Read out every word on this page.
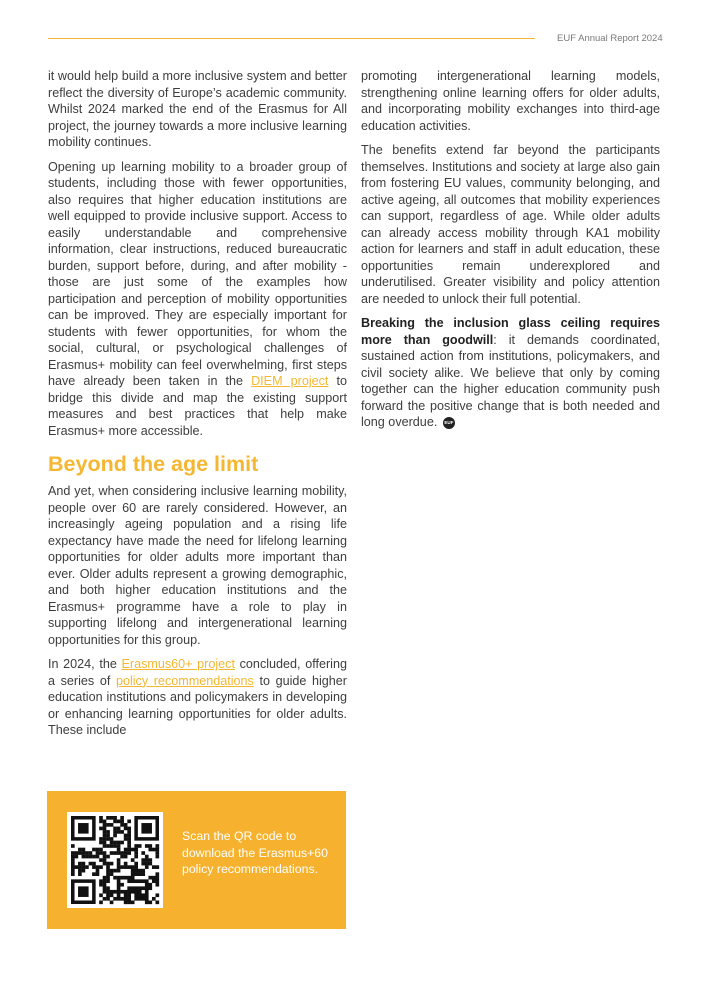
EUF Annual Report 2024

it would help build a more inclusive system and better reflect the diversity of Europe’s academic community. Whilst 2024 marked the end of the Erasmus for All project, the journey towards a more inclusive learning mobility continues.

Opening up learning mobility to a broader group of students, including those with fewer opportunities, also requires that higher education institutions are well equipped to provide inclusive support. Access to easily understandable and comprehensive information, clear instructions, reduced bureaucratic burden, support before, during, and after mobility - those are just some of the examples how participation and perception of mobility opportunities can be improved. They are especially important for students with fewer opportunities, for whom the social, cultural, or psychological challenges of Erasmus+ mobility can feel overwhelming, first steps have already been taken in the DIEM project to bridge this divide and map the existing support measures and best practices that help make Erasmus+ more accessible.

Beyond the age limit

And yet, when considering inclusive learning mobility, people over 60 are rarely considered. However, an increasingly ageing population and a rising life expectancy have made the need for lifelong learning opportunities for older adults more important than ever. Older adults represent a growing demographic, and both higher education institutions and the Erasmus+ programme have a role to play in supporting lifelong and intergenerational learning opportunities for this group.

In 2024, the Erasmus60+ project concluded, offering a series of policy recommendations to guide higher education institutions and policymakers in developing or enhancing learning opportunities for older adults. These include

promoting intergenerational learning models, strengthening online learning offers for older adults, and incorporating mobility exchanges into third-age education activities.

The benefits extend far beyond the participants themselves. Institutions and society at large also gain from fostering EU values, community belonging, and active ageing, all outcomes that mobility experiences can support, regardless of age. While older adults can already access mobility through KA1 mobility action for learners and staff in adult education, these opportunities remain underexplored and underutilised. Greater visibility and policy attention are needed to unlock their full potential.

Breaking the inclusion glass ceiling requires more than goodwill: it demands coordinated, sustained action from institutions, policymakers, and civil society alike. We believe that only by coming together can the higher education community push forward the positive change that is both needed and long overdue. EUF

Scan the QR code to download the Erasmus+60 policy recommendations.
